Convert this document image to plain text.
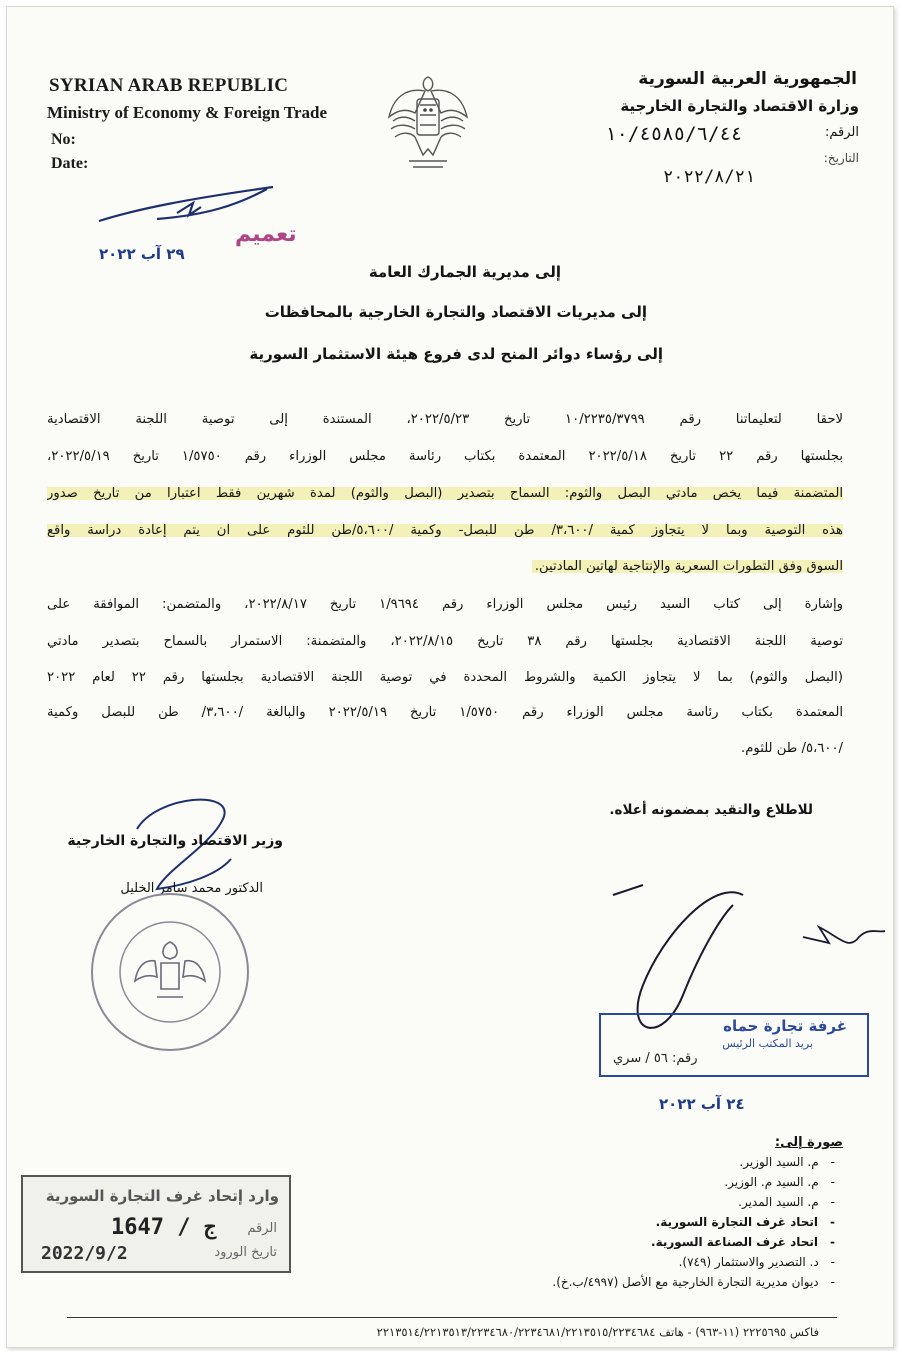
SYRIAN ARAB REPUBLIC
Ministry of Economy & Foreign Trade
No:
Date:
الجمهورية العربية السورية
وزارة الاقتصاد والتجارة الخارجية
الرقم:
التاريخ:
١٠/٤٥٨٥/٦/٤٤
٢٠٢٢/٨/٢١
تعميم
٢٩ آب ٢٠٢٢
إلى مديرية الجمارك العامة
إلى مديريات الاقتصاد والتجارة الخارجية بالمحافظات
إلى رؤساء دوائر المنح لدى فروع هيئة الاستثمار السورية
لاحقاً لتعليماتنا رقم ١٠/٢٢٣٥/٣٧٩٩ تاريخ ٢٠٢٢/٥/٢٣، المستندة إلى توصية اللجنة الاقتصادية
بجلستها رقم ٢٢ تاريخ ٢٠٢٢/٥/١٨ المعتمدة بكتاب رئاسة مجلس الوزراء رقم ١/٥٧٥٠ تاريخ ٢٠٢٢/٥/١٩،
المتضمنة فيما يخص مادتي البصل والثوم: السماح بتصدير (البصل والثوم) لمدة شهرين فقط اعتباراً من تاريخ صدور
هذه التوصية وبما لا يتجاوز كمية /٣،٦٠٠/ طن للبصل- وكمية /٥،٦٠٠/طن للثوم على أن يتم إعادة دراسة واقع
السوق وفق التطورات السعرية والإنتاجية لهاتين المادتين.
وإشارة إلى كتاب السيد رئيس مجلس الوزراء رقم ١/٩٦٩٤ تاريخ ٢٠٢٢/٨/١٧، والمتضمن: الموافقة على
توصية اللجنة الاقتصادية بجلستها رقم ٣٨ تاريخ ٢٠٢٢/٨/١٥، والمتضمنة: الاستمرار بالسماح بتصدير مادتي
(البصل والثوم) بما لا يتجاوز الكمية والشروط المحددة في توصية اللجنة الاقتصادية بجلستها رقم ٢٢ لعام ٢٠٢٢
المعتمدة بكتاب رئاسة مجلس الوزراء رقم ١/٥٧٥٠ تاريخ ٢٠٢٢/٥/١٩ والبالغة /٣،٦٠٠/ طن للبصل وكمية
/٥،٦٠٠/ طن للثوم.
للاطلاع والتقيد بمضمونه أعلاه.
وزير الاقتصاد والتجارة الخارجية
الدكتور محمد سامر الخليل
غرفة تجارة حماه
بريد المكتب الرئيس
رقم: ٥٦ / سري
٢٤ آب ٢٠٢٢
صورة إلى:
-م. السيد الوزير.
-م. السيد م. الوزير.
-م. السيد المدير.
-اتحاد غرف التجارة السورية.
-اتحاد غرف الصناعة السورية.
-د. التصدير والاستثمار (٧٤٩).
-ديوان مديرية التجارة الخارجية مع الأصل (٤٩٩٧/ب.خ).
وارد إتحاد غرف التجارة السورية
الرقم
تاريخ الورود
1647 / ج
2022/9/2
فاكس ٢٢٢٥٦٩٥ (١١-٩٦٣) - هاتف ٢٢١٣٥١٤/٢٢١٣٥١٣/٢٢٣٤٦٨٠/٢٢٣٤٦٨١/٢٢١٣٥١٥/٢٢٣٤٦٨٤
